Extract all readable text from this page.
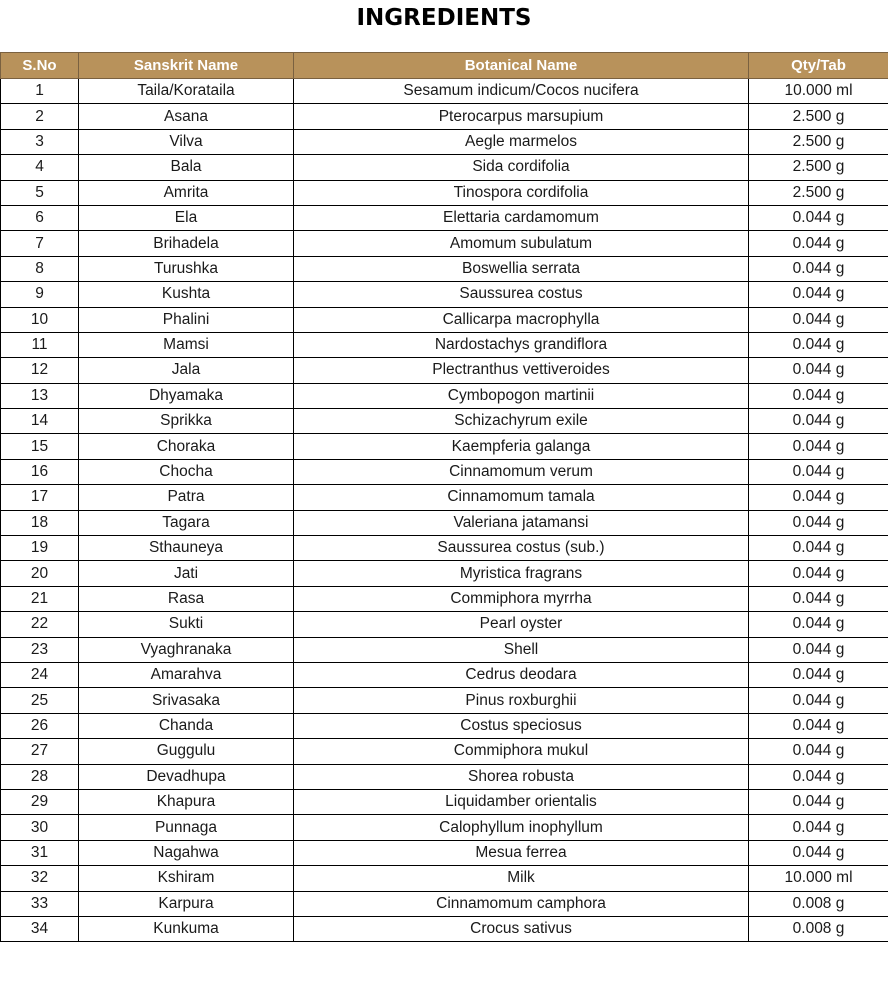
INGREDIENTS
S.No	Sanskrit Name	Botanical Name	Qty/Tab
1	Taila/Korataila	Sesamum indicum/Cocos nucifera	10.000 ml
2	Asana	Pterocarpus marsupium	2.500 g
3	Vilva	Aegle marmelos	2.500 g
4	Bala	Sida cordifolia	2.500 g
5	Amrita	Tinospora cordifolia	2.500 g
6	Ela	Elettaria cardamomum	0.044 g
7	Brihadela	Amomum subulatum	0.044 g
8	Turushka	Boswellia serrata	0.044 g
9	Kushta	Saussurea costus	0.044 g
10	Phalini	Callicarpa macrophylla	0.044 g
11	Mamsi	Nardostachys grandiflora	0.044 g
12	Jala	Plectranthus vettiveroides	0.044 g
13	Dhyamaka	Cymbopogon martinii	0.044 g
14	Sprikka	Schizachyrum exile	0.044 g
15	Choraka	Kaempferia galanga	0.044 g
16	Chocha	Cinnamomum verum	0.044 g
17	Patra	Cinnamomum tamala	0.044 g
18	Tagara	Valeriana jatamansi	0.044 g
19	Sthauneya	Saussurea costus (sub.)	0.044 g
20	Jati	Myristica fragrans	0.044 g
21	Rasa	Commiphora myrrha	0.044 g
22	Sukti	Pearl oyster	0.044 g
23	Vyaghranaka	Shell	0.044 g
24	Amarahva	Cedrus deodara	0.044 g
25	Srivasaka	Pinus roxburghii	0.044 g
26	Chanda	Costus speciosus	0.044 g
27	Guggulu	Commiphora mukul	0.044 g
28	Devadhupa	Shorea robusta	0.044 g
29	Khapura	Liquidamber orientalis	0.044 g
30	Punnaga	Calophyllum inophyllum	0.044 g
31	Nagahwa	Mesua ferrea	0.044 g
32	Kshiram	Milk	10.000 ml
33	Karpura	Cinnamomum camphora	0.008 g
34	Kunkuma	Crocus sativus	0.008 g
